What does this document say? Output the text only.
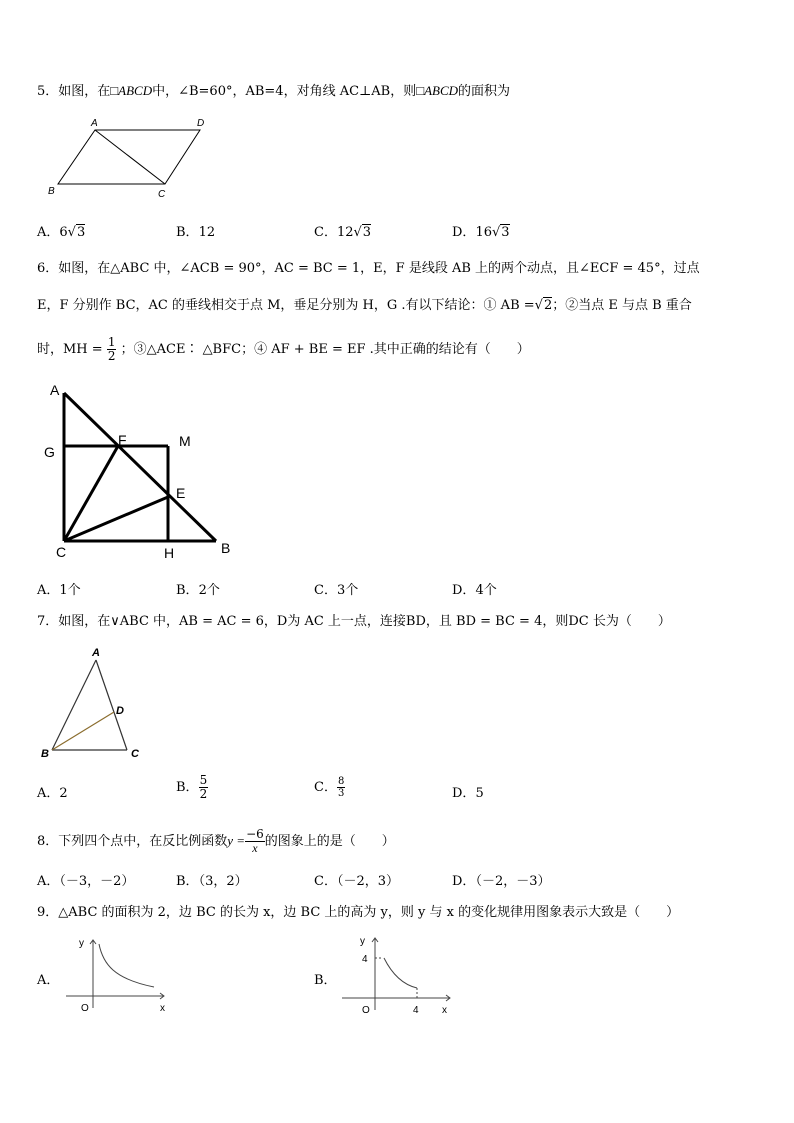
5．如图，在□ABCD中，∠B=60°，AB=4，对角线 AC⊥AB，则□ABCD的面积为
A	D
B	C
A．6√3	B．12	C．12√3	D．16√3
6．如图，在△ABC 中，∠ACB = 90°，AC = BC = 1，E，F 是线段 AB 上的两个动点，且∠ECF = 45°，过点
E，F 分别作 BC，AC 的垂线相交于点 M，垂足分别为 H，G .有以下结论：① AB =√2；②当点 E 与点 B 重合
时，MH = $\frac{1}{2}$ ；③△ACE∶ △BFC；④ AF + BE = EF .其中正确的结论有（　　）
A
G
F	M
E
C	H	B
A．1个	B．2个	C．3个	D．4个
7．如图，在∨ABC 中，AB = AC = 6，D为 AC 上一点，连接BD，且 BD = BC = 4，则DC 长为（　　）
A
D
B	C
A．2	B． $\frac{5}{2}$	C． $\frac{8}{3}$	D．5
8．下列四个点中，在反比例函数$y = \frac{-6}{x}$ 的图象上的是（　　）
A．（－3，－2）	B．（3，2）	C．（－2，3）	D．（－2，－3）
9．△ABC 的面积为 2，边 BC 的长为 x，边 BC 上的高为 y，则 y 与 x 的变化规律用图象表示大致是（　　）
A．
y
x
O
B．
4
4
y
x
O
